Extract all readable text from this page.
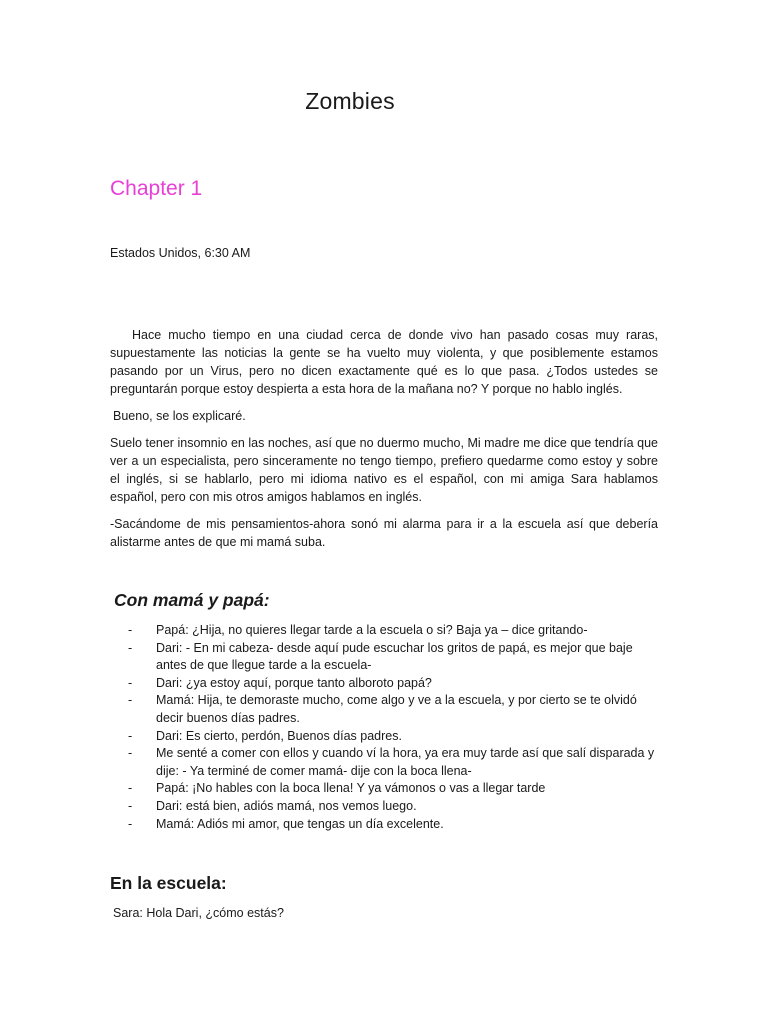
Zombies
Chapter 1
Estados Unidos, 6:30 AM

Hace mucho tiempo en una ciudad cerca de donde vivo han pasado cosas muy raras, supuestamente las noticias la gente se ha vuelto muy violenta, y que posiblemente estamos pasando por un Virus, pero no dicen exactamente qué es lo que pasa. ¿Todos ustedes se preguntarán porque estoy despierta a esta hora de la mañana no? Y porque no hablo inglés.

Bueno, se los explicaré.

Suelo tener insomnio en las noches, así que no duermo mucho, Mi madre me dice que tendría que ver a un especialista, pero sinceramente no tengo tiempo, prefiero quedarme como estoy y sobre el inglés, si se hablarlo, pero mi idioma nativo es el español, con mi amiga Sara hablamos español, pero con mis otros amigos hablamos en inglés.

-Sacándome de mis pensamientos-ahora sonó mi alarma para ir a la escuela así que debería alistarme antes de que mi mamá suba.

Con mamá y papá:
- Papá: ¿Hija, no quieres llegar tarde a la escuela o si? Baja ya – dice gritando-
- Dari: - En mi cabeza- desde aquí pude escuchar los gritos de papá, es mejor que baje antes de que llegue tarde a la escuela-
- Dari: ¿ya estoy aquí, porque tanto alboroto papá?
- Mamá: Hija, te demoraste mucho, come algo y ve a la escuela, y por cierto se te olvidó decir buenos días padres.
- Dari: Es cierto, perdón, Buenos días padres.
- Me senté a comer con ellos y cuando ví la hora, ya era muy tarde así que salí disparada y dije: - Ya terminé de comer mamá- dije con la boca llena-
- Papá: ¡No hables con la boca llena! Y ya vámonos o vas a llegar tarde
- Dari: está bien, adiós mamá, nos vemos luego.
- Mamá: Adiós mi amor, que tengas un día excelente.
En la escuela:
Sara: Hola Dari, ¿cómo estás?
